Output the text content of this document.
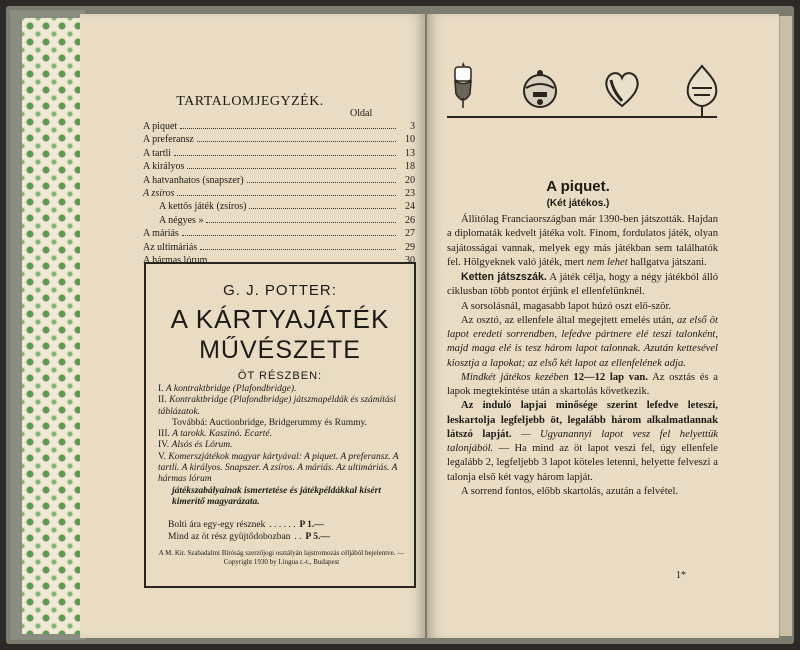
TARTALOMJEGYZÉK.
Oldal
A piquet	3
A preferansz	10
A tartli	13
A királyos	18
A hatvanhatos (snapszer)	20
A zsíros	23
A kettős játék (zsíros)	24
A négyes »	26
A máriás	27
Az ultimáriás	29
A hármas lórum	30
G. J. POTTER:
A KÁRTYAJÁTÉK
MŰVÉSZETE
ÖT RÉSZBEN:

I. A kontraktbridge (Plafondbridge).

II. Kontraktbridge (Plafondbridge) játszmapéldák és számítási táblázatok.

Továbbá: Auctionbridge, Bridgerummy és Rummy.

III. A tarokk. Kaszinó. Ecarté.

IV. Alsós és Lórum.

V. Komerszjátékok magyar kártyával: A piquet. A preferansz. A tartli. A királyos. Snapszer. A zsíros. A máriás. Az ultimáriás. A hármas lórum

játékszabályainak ismertetése és játékpéldákkal kísért kimerítő magyarázata.

Bolti ára egy-egy résznek . . . . . . P 1.—
Mind az öt rész gyüjtődobozban . . P 5.—
A M. Kir. Szabadalmi Bíróság szerzőjogi osztályán lajstromozás céljából bejelentve. — Copyright 1930 by Lingua r.-t., Budapest
A piquet.
(Két játékos.)

Állítólag Franciaországban már 1390-ben játszották. Hajdan a diplomaták kedvelt játéka volt. Finom, fordulatos játék, olyan sajátosságai vannak, melyek egy más játékban sem találhatók fel. Hölgyeknek való játék, mert nem lehet hallgatva játszani.

Ketten játszszák. A játék célja, hogy a négy játékból álló ciklusban több pontot érjünk el ellenfelünknél.

A sorsolásnál, magasabb lapot húzó oszt elő-ször.

Az osztó, az ellenfele által megejtett emelés után, az első öt lapot eredeti sorrendben, lefedve pártnere elé teszi talonként, majd maga elé is tesz három lapot talonnak. Azután kettesével kiosztja a lapokat; az első két lapot az ellenfelének adja.

Mindkét játékos kezében 12—12 lap van. Az osztás és a lapok megtekintése után a skartolás következik.

Az induló lapjai minősége szerint lefedve leteszi, leskartolja legfeljebb öt, legalább három alkalmatlannak látszó lapját. — Ugyanannyi lapot vesz fel helyettük talonjából. — Ha mind az öt lapot veszi fel, úgy ellenfele legalább 2, legfeljebb 3 lapot köteles letenni, helyette felveszi a talonja első két vagy három lapját.

A sorrend fontos, előbb skartolás, azután a felvétel.

1*
